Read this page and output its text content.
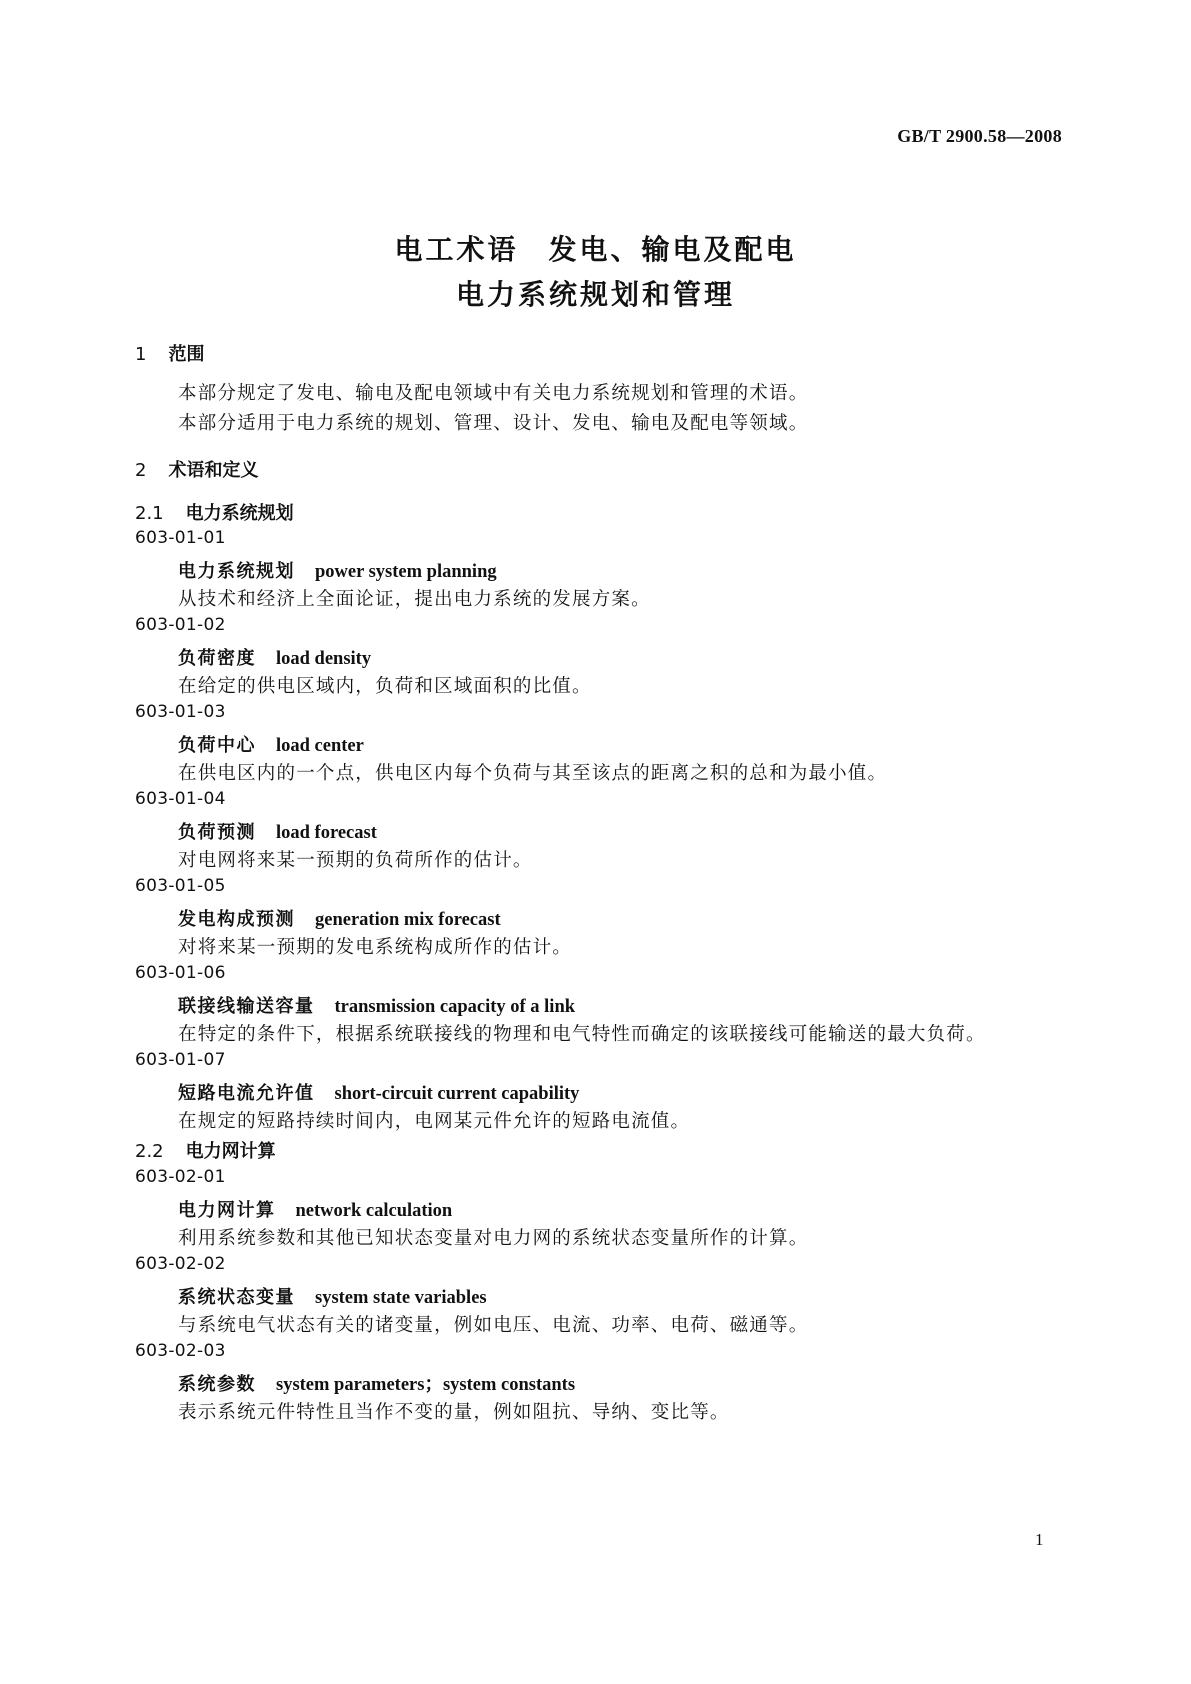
GB/T 2900.58—2008
电工术语 发电、输电及配电
电力系统规划和管理
1 范围
本部分规定了发电、输电及配电领域中有关电力系统规划和管理的术语。
本部分适用于电力系统的规划、管理、设计、发电、输电及配电等领域。
2 术语和定义
2.1 电力系统规划
603-01-01
电力系统规划 power system planning
从技术和经济上全面论证，提出电力系统的发展方案。
603-01-02
负荷密度 load density
在给定的供电区域内，负荷和区域面积的比值。
603-01-03
负荷中心 load center
在供电区内的一个点，供电区内每个负荷与其至该点的距离之积的总和为最小值。
603-01-04
负荷预测 load forecast
对电网将来某一预期的负荷所作的估计。
603-01-05
发电构成预测 generation mix forecast
对将来某一预期的发电系统构成所作的估计。
603-01-06
联接线输送容量 transmission capacity of a link
在特定的条件下，根据系统联接线的物理和电气特性而确定的该联接线可能输送的最大负荷。
603-01-07
短路电流允许值 short-circuit current capability
在规定的短路持续时间内，电网某元件允许的短路电流值。
2.2 电力网计算
603-02-01
电力网计算 network calculation
利用系统参数和其他已知状态变量对电力网的系统状态变量所作的计算。
603-02-02
系统状态变量 system state variables
与系统电气状态有关的诸变量，例如电压、电流、功率、电荷、磁通等。
603-02-03
系统参数 system parameters；system constants
表示系统元件特性且当作不变的量，例如阻抗、导纳、变比等。
1
